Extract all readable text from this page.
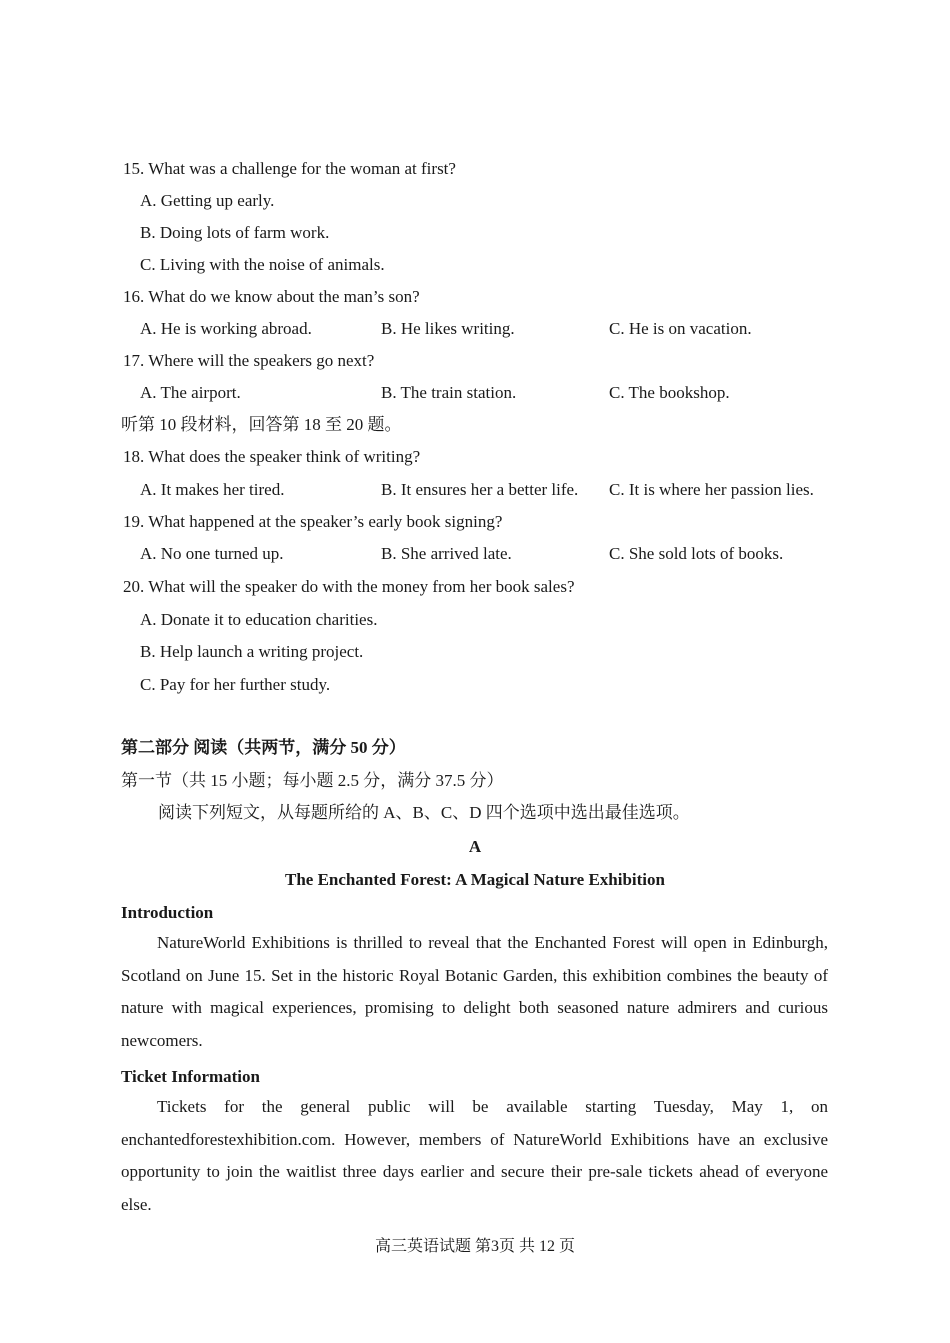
15. What was a challenge for the woman at first?
A. Getting up early.
B. Doing lots of farm work.
C. Living with the noise of animals.
16. What do we know about the man’s son?
A. He is working abroad.	B. He likes writing.	C. He is on vacation.
17. Where will the speakers go next?
A. The airport.	B. The train station.	C. The bookshop.
听第 10 段材料，回答第 18 至 20 题。
18. What does the speaker think of writing?
A. It makes her tired.	B. It ensures her a better life. C. It is where her passion lies.
19. What happened at the speaker’s early book signing?
A. No one turned up.	B. She arrived late.	C. She sold lots of books.
20. What will the speaker do with the money from her book sales?
A. Donate it to education charities.
B. Help launch a writing project.
C. Pay for her further study.
第二部分 阅读（共两节，满分 50 分）
第一节（共 15 小题；每小题 2.5 分，满分 37.5 分）
阅读下列短文，从每题所给的 A、B、C、D 四个选项中选出最佳选项。
A
The Enchanted Forest: A Magical Nature Exhibition
Introduction

NatureWorld Exhibitions is thrilled to reveal that the Enchanted Forest will open in Edinburgh, Scotland on June 15. Set in the historic Royal Botanic Garden, this exhibition combines the beauty of nature with magical experiences, promising to delight both seasoned nature admirers and curious newcomers.

Ticket Information

Tickets for the general public will be available starting Tuesday, May 1, on enchantedforestexhibition.com. However, members of NatureWorld Exhibitions have an exclusive opportunity to join the waitlist three days earlier and secure their pre-sale tickets ahead of everyone else.

高三英语试题 第3页 共 12 页
